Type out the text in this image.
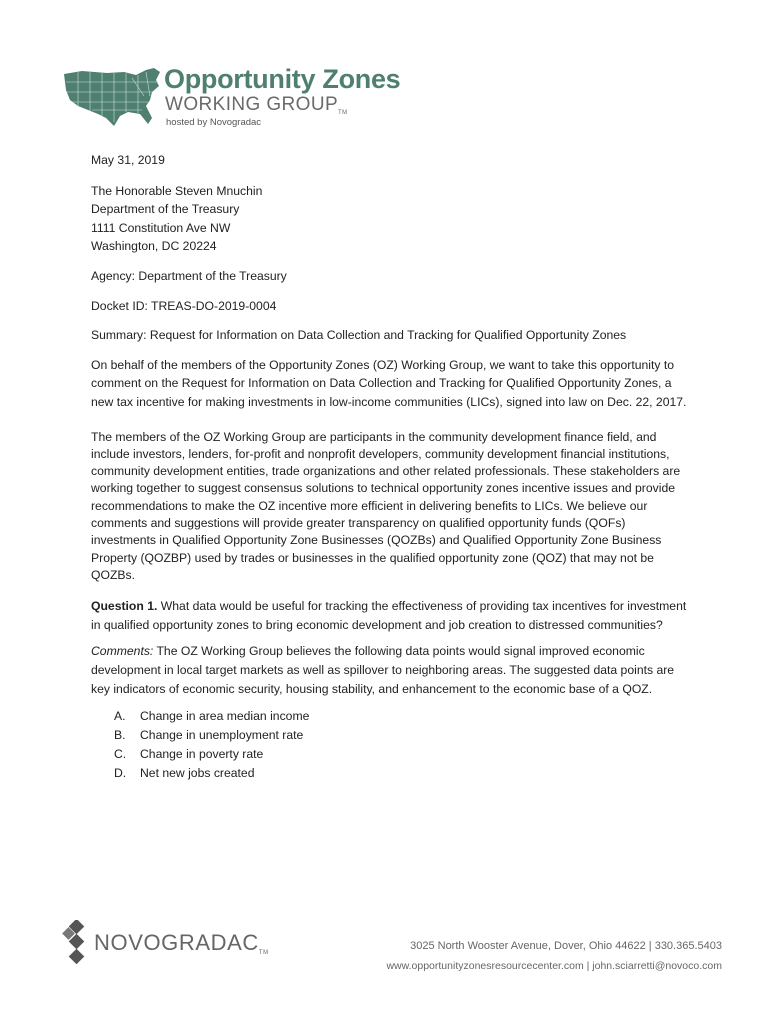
Opportunity Zones
WORKING GROUPTM
hosted by Novogradac

May 31, 2019

The Honorable Steven Mnuchin

Department of the Treasury

1111 Constitution Ave NW

Washington, DC 20224

Agency: Department of the Treasury

Docket ID: TREAS-DO-2019-0004

Summary: Request for Information on Data Collection and Tracking for Qualified Opportunity Zones

On behalf of the members of the Opportunity Zones (OZ) Working Group, we want to take this opportunity to comment on the Request for Information on Data Collection and Tracking for Qualified Opportunity Zones, a new tax incentive for making investments in low-income communities (LICs), signed into law on Dec. 22, 2017.

The members of the OZ Working Group are participants in the community development finance field, and include investors, lenders, for-profit and nonprofit developers, community development financial institutions, community development entities, trade organizations and other related professionals. These stakeholders are working together to suggest consensus solutions to technical opportunity zones incentive issues and provide recommendations to make the OZ incentive more efficient in delivering benefits to LICs. We believe our comments and suggestions will provide greater transparency on qualified opportunity funds (QOFs) investments in Qualified Opportunity Zone Businesses (QOZBs) and Qualified Opportunity Zone Business Property (QOZBP) used by trades or businesses in the qualified opportunity zone (QOZ) that may not be QOZBs.

Question 1. What data would be useful for tracking the effectiveness of providing tax incentives for investment in qualified opportunity zones to bring economic development and job creation to distressed communities?

Comments: The OZ Working Group believes the following data points would signal improved economic development in local target markets as well as spillover to neighboring areas. The suggested data points are key indicators of economic security, housing stability, and enhancement to the economic base of a QOZ.

A.	Change in area median income
B.	Change in unemployment rate
C.	Change in poverty rate
D.	Net new jobs created
NOVOGRADACTM
3025 North Wooster Avenue, Dover, Ohio 44622 | 330.365.5403
www.opportunityzonesresourcecenter.com | john.sciarretti@novoco.com
